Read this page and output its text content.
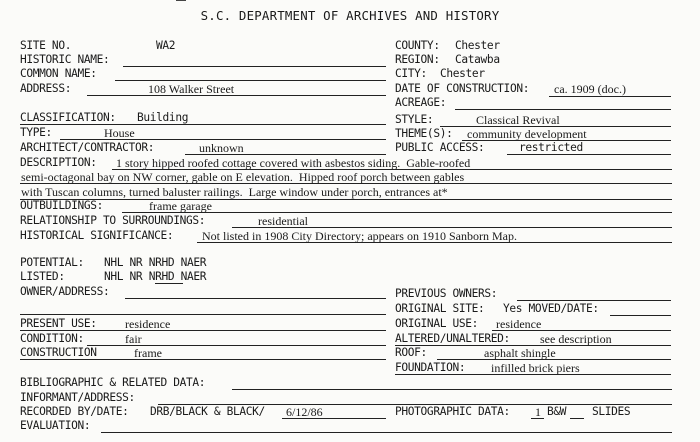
S.C. DEPARTMENT OF ARCHIVES AND HISTORY
SITE NO.	WA2	COUNTY: Chester
HISTORIC NAME:	REGION: Catawba
COMMON NAME:	CITY: Chester
ADDRESS:	108 Walker Street	DATE OF CONSTRUCTION: ca. 1909 (doc.)
ACREAGE:
CLASSIFICATION: Building	STYLE:	Classical Revival
TYPE:	House	THEME(S): community development
ARCHITECT/CONTRACTOR:	unknown	PUBLIC ACCESS:	restricted
DESCRIPTION: 1 story hipped roofed cottage covered with asbestos siding.  Gable-roofed
semi-octagonal bay on NW corner, gable on E elevation.  Hipped roof porch between gables
with Tuscan columns, turned baluster railings.  Large window under porch, entrances at*
OUTBUILDINGS:	frame garage
RELATIONSHIP TO SURROUNDINGS:	residential
HISTORICAL SIGNIFICANCE: Not listed in 1908 City Directory; appears on 1910 Sanborn Map.
POTENTIAL: NHL NR NRHD NAER
LISTED:	NHL NR NRHD NAER
OWNER/ADDRESS:	PREVIOUS OWNERS:
ORIGINAL SITE: Yes MOVED/DATE:
PRESENT USE: residence	ORIGINAL USE: residence
CONDITION:	fair	ALTERED/UNALTERED:	see description
CONSTRUCTION	frame	ROOF:	asphalt shingle
FOUNDATION: infilled brick piers
BIBLIOGRAPHIC & RELATED DATA:
INFORMANT/ADDRESS:
RECORDED BY/DATE: DRB/BLACK & BLACK/ 6/12/86	PHOTOGRAPHIC DATA: 1 B&W SLIDES
EVALUATION:
